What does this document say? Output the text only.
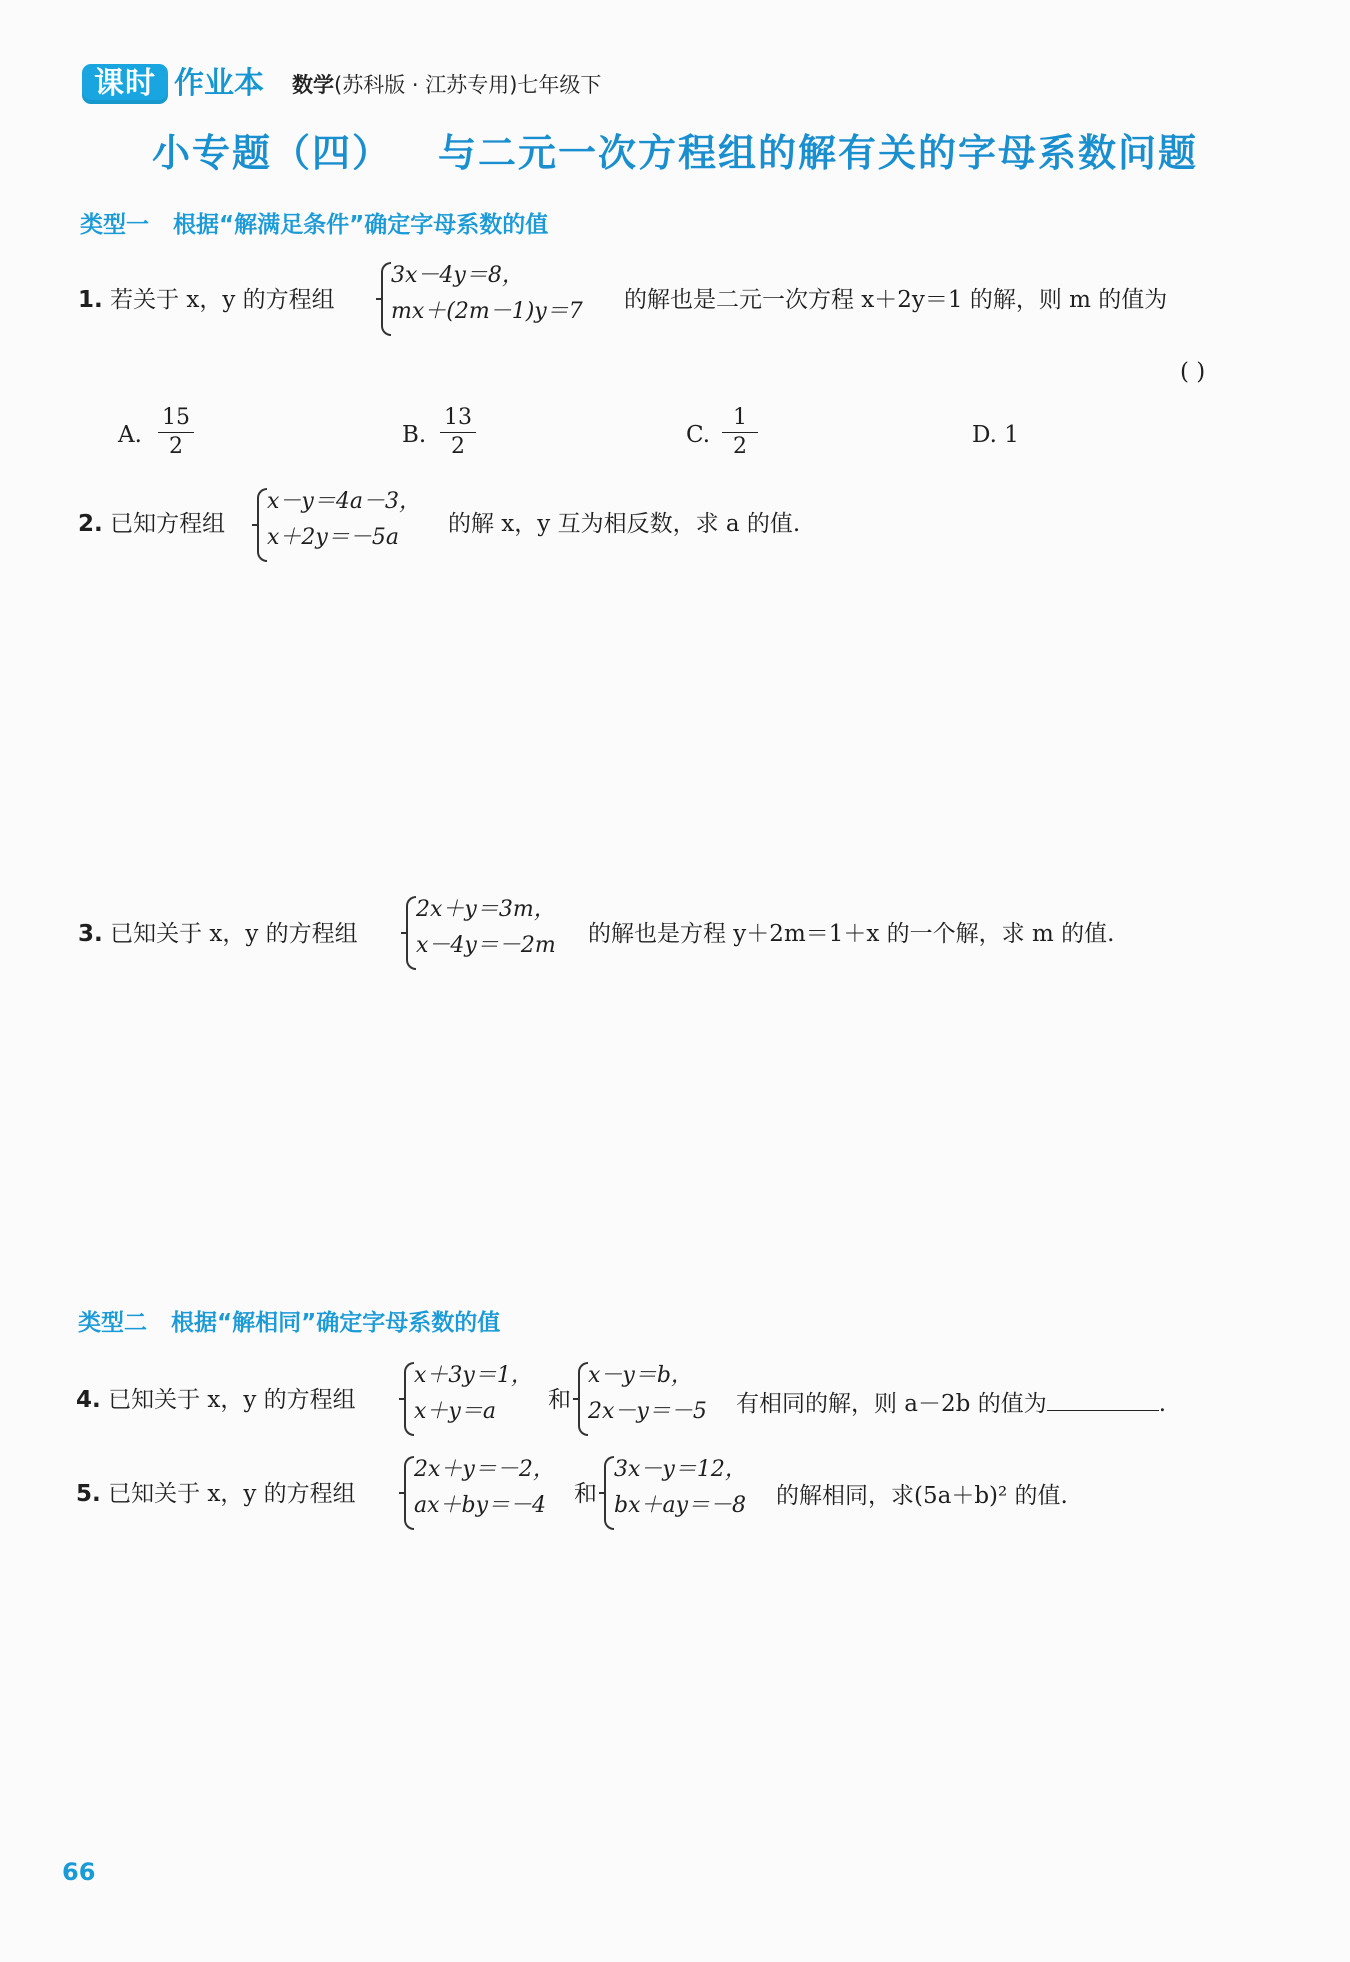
课时 作业本 数学(苏科版 · 江苏专用)七年级下
小专题（四） 与二元一次方程组的解有关的字母系数问题
类型一 根据“解满足条件”确定字母系数的值
1. 若关于 x，y 的方程组
3x－4y＝8，
mx＋(2m－1)y＝7 的解也是二元一次方程 x＋2y＝1 的解，则 m 的值为
( )
A. $\frac{15}{2}$	B. $\frac{13}{2}$	C. $\frac{1}{2}$	D. 1
2. 已知方程组
x－y＝4a－3，
x＋2y＝－5a
的解 x，y 互为相反数，求 a 的值.
3. 已知关于 x，y 的方程组
2x＋y＝3m，
x－4y＝－2m 的解也是方程 y＋2m＝1＋x 的一个解，求 m 的值.
类型二 根据“解相同”确定字母系数的值
4. 已知关于 x，y 的方程组
x＋3y＝1，
x＋y＝a	和
x－y＝b，
2x－y＝－5 有相同的解，则 a－2b 的值为	.
5. 已知关于 x，y 的方程组
2x＋y＝－2，
ax＋by＝－4	和
3x－y＝12，
bx＋ay＝－8 的解相同，求(5a＋b)² 的值.
66
